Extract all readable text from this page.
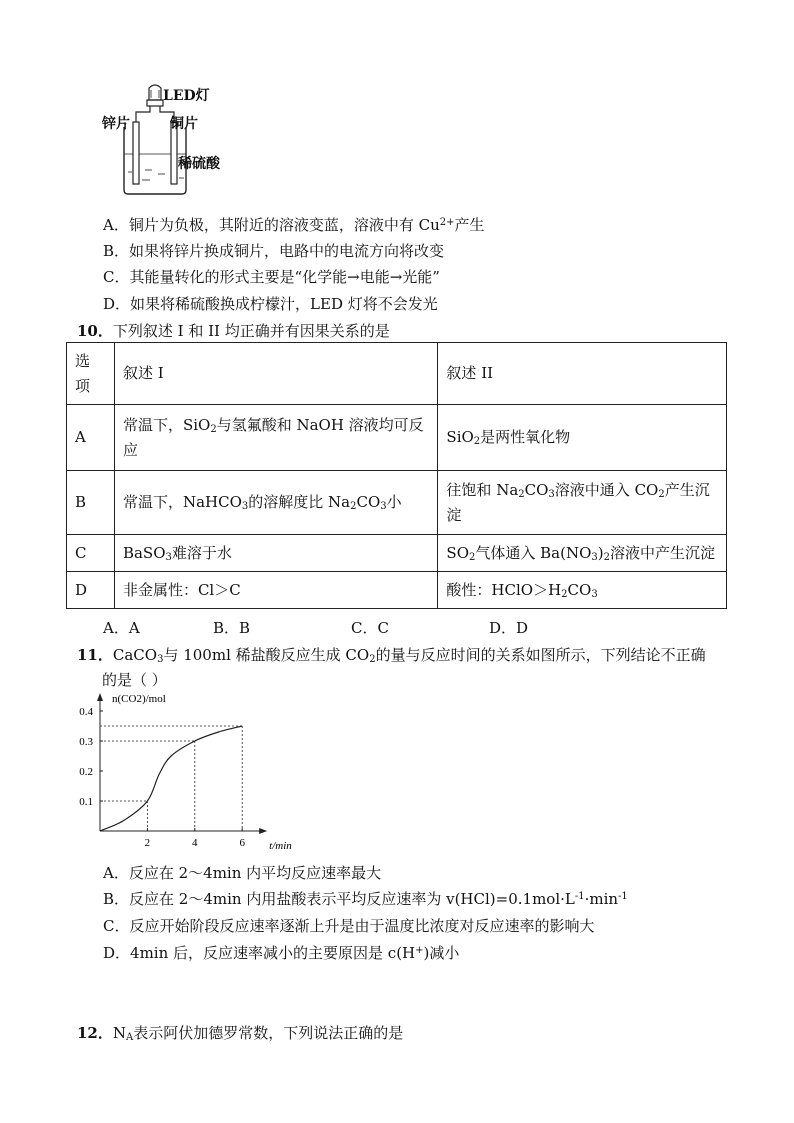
LED灯
锌片	铜片
稀硫酸
A．铜片为负极，其附近的溶液变蓝，溶液中有 $Cu^{2+}$产生
B．如果将锌片换成铜片，电路中的电流方向将改变
C．其能量转化的形式主要是“化学能→电能→光能”
D．如果将稀硫酸换成柠檬汁，LED 灯将不会发光
10．下列叙述 I 和 II 均正确并有因果关系的是
选
项	叙述 I	叙述 II
A	常温下，SiO$_2$与氢氟酸和 NaOH 溶液均可反应	SiO$_2$是两性氧化物
B	常温下，NaHCO$_3$的溶解度比 $Na_2CO_3$小	往饱和 $Na_2CO_3$溶液中通入 $CO_2$产生沉淀
C	BaSO$_3$难溶于水	$SO_2$气体通入 $Ba(NO_3)_2$溶液中产生沉淀
D	非金属性：Cl＞C	酸性：$HClO>H_2CO_3$
A．A	B．B	C．C	D．D
11．CaCO$_3$与 100ml 稀盐酸反应生成 $CO_2$的量与反应时间的关系如图所示，下列结论不正确
的是（ ）
0.1
0.2
0.3
0.4
2	4	6
n(CO2)/mol
t/min
A．反应在 2～4min 内平均反应速率最大
B．反应在 2～4min 内用盐酸表示平均反应速率为 $v(HCl)=0.1mol\cdot L^{-1}\cdot\min^{-1}$
C．反应开始阶段反应速率逐渐上升是由于温度比浓度对反应速率的影响大
D．4min 后，反应速率减小的主要原因是 c(H+)减小
12．$N_A$表示阿伏加德罗常数，下列说法正确的是
